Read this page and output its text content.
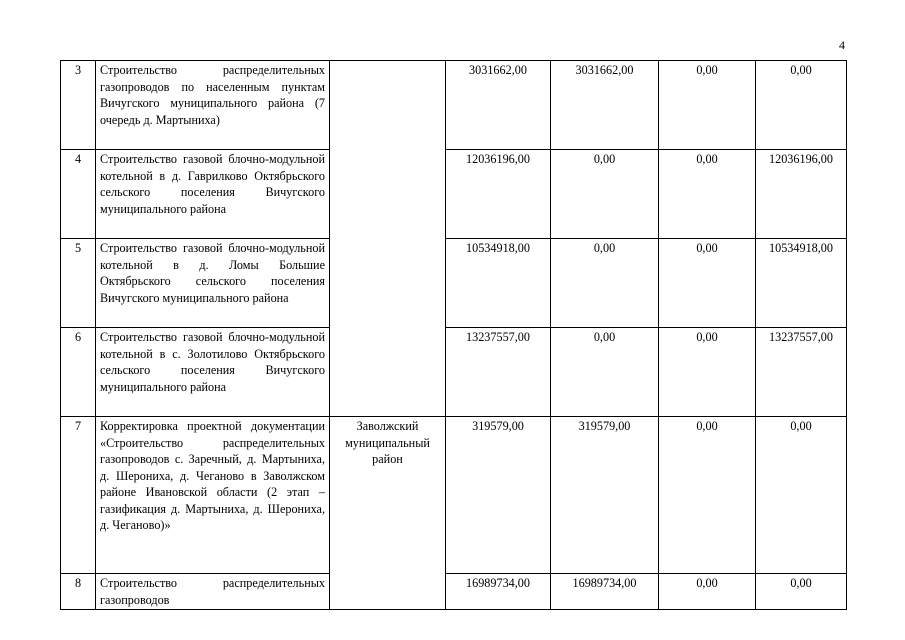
4
3	Строительство распределительных газопроводов по населенным пунктам Вичугского муниципального района (7 очередь д. Мартыниха)		3031662,00	3031662,00	0,00	0,00
4	Строительство газовой блочно-модульной котельной в д. Гаврилково Октябрьского сельского поселения Вичугского муниципального района		12036196,00	0,00	0,00	12036196,00
5	Строительство газовой блочно-модульной котельной в д. Ломы Большие Октябрьского сельского поселения Вичугского муниципального района		10534918,00	0,00	0,00	10534918,00
6	Строительство газовой блочно-модульной котельной в с. Золотилово Октябрьского сельского поселения Вичугского муниципального района		13237557,00	0,00	0,00	13237557,00
7	Корректировка проектной документации «Строительство распределительных газопроводов с. Заречный, д. Мартыниха, д. Шерониха, д. Чеганово в Заволжском районе Ивановской области (2 этап – газификация д. Мартыниха, д. Шерониха, д. Чеганово)»	Заволжский муниципальный район	319579,00	319579,00	0,00	0,00
8	Строительство распределительных газопроводов		16989734,00	16989734,00	0,00	0,00
